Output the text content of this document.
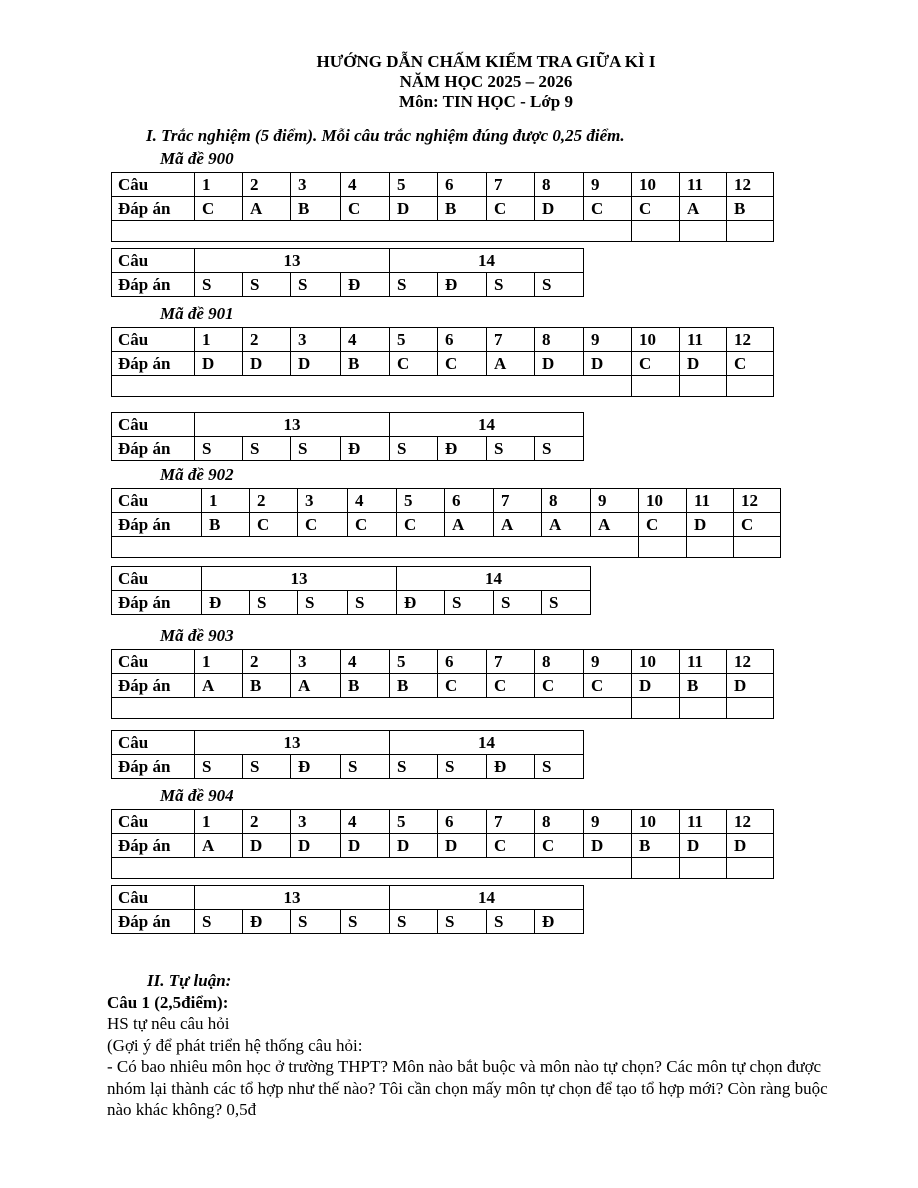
HƯỚNG DẪN CHẤM KIỂM TRA GIỮA KÌ I
NĂM HỌC 2025 – 2026
Môn: TIN HỌC - Lớp 9
I. Trắc nghiệm (5 điểm). Mỗi câu trắc nghiệm đúng được 0,25 điểm.
Mã đề 900
Câu	1	2	3	4	5	6	7	8	9	10	11	12
Đáp án	C	A	B	C	D	B	C	D	C	C	A	B

Câu	13				14			
Đáp án	S	S	S	Đ	S	Đ	S	S
Mã đề 901
Câu	1	2	3	4	5	6	7	8	9	10	11	12
Đáp án	D	D	D	B	C	C	A	D	D	C	D	C

Câu	13				14			
Đáp án	S	S	S	Đ	S	Đ	S	S
Mã đề 902
Câu	1	2	3	4	5	6	7	8	9	10	11	12
Đáp án	B	C	C	C	C	A	A	A	A	C	D	C

Câu	13				14			
Đáp án	Đ	S	S	S	Đ	S	S	S
Mã đề 903
Câu	1	2	3	4	5	6	7	8	9	10	11	12
Đáp án	A	B	A	B	B	C	C	C	C	D	B	D

Câu	13				14			
Đáp án	S	S	Đ	S	S	S	Đ	S
Mã đề 904
Câu	1	2	3	4	5	6	7	8	9	10	11	12
Đáp án	A	D	D	D	D	D	C	C	D	B	D	D

Câu	13				14			
Đáp án	S	Đ	S	S	S	S	S	Đ
II. Tự luận:
Câu 1 (2,5điểm):
HS tự nêu câu hỏi
(Gợi ý để phát triển hệ thống câu hỏi:
- Có bao nhiêu môn học ở trường THPT? Môn nào bắt buộc và môn nào tự chọn? Các môn tự chọn được nhóm lại thành các tổ hợp như thế nào? Tôi cần chọn mấy môn tự chọn để tạo tổ hợp mới? Còn ràng buộc nào khác không? 0,5đ
